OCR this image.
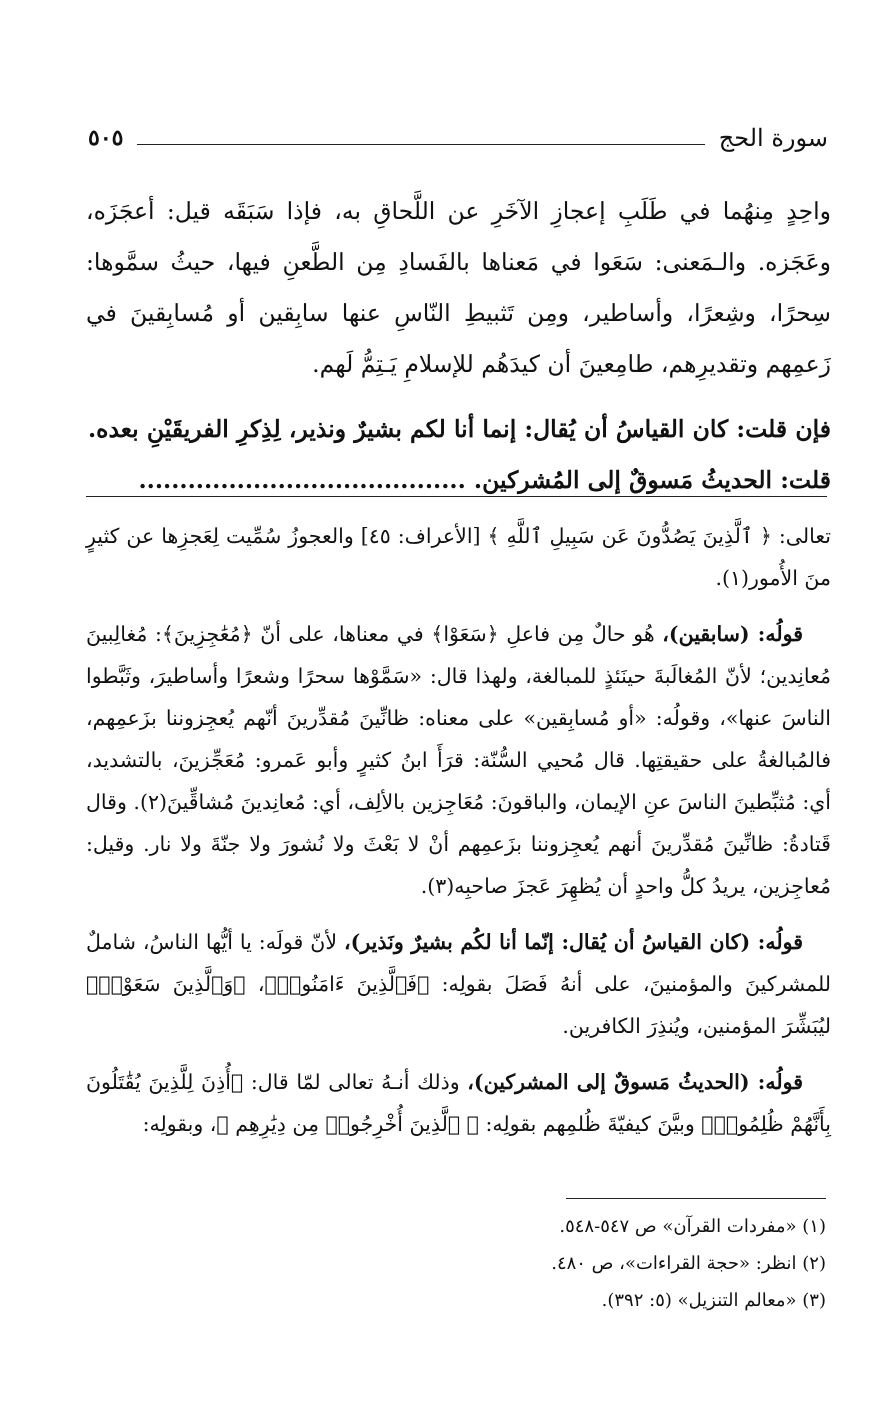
سورة الحج
٥٠٥

واحِدٍ مِنهُما في طَلَبِ إعجازِ الآخَرِ عن اللَّحاقِ به، فإذا سَبَقَه قيل: أعجَزَه، وعَجَزه. والـمَعنى: سَعَوا في مَعناها بالفَسادِ مِن الطَّعنِ فيها، حيثُ سمَّوها: سِحرًا، وشِعرًا، وأساطير، ومِن تَثبيطِ النّاسِ عنها سابِقين أو مُسابِقينَ في زَعمِهم وتقديرِهم، طامِعينَ أن كيدَهُم للإسلامِ يَـتِمُّ لَهم.

فإن قلت: كان القياسُ أن يُقال: إنما أنا لكم بشيرٌ ونذير، لِذِكرِ الفريقَيْنِ بعده.

قلت: الحديثُ مَسوقٌ إلى المُشركين. ........................................

تعالى: ﴿ ٱلَّذِينَ يَصُدُّونَ عَن سَبِيلِ ٱللَّهِ ﴾ [الأعراف: ٤٥] والعجوزُ سُمِّيت لِعَجزِها عن كثيرٍ منَ الأُمور(١).

قولُه: (سابقين)، هُو حالٌ مِن فاعلِ ﴿سَعَوْا﴾ في معناها، على أنّ ﴿مُعَٰجِزِينَ﴾: مُغالِبينَ مُعانِدين؛ لأنّ المُغالَبةَ حينَئذٍ للمبالغة، ولهذا قال: «سَمَّوْها سحرًا وشعرًا وأساطيرَ، وثَبَّطوا الناسَ عنها»، وقولُه: «أو مُسابِقين» على معناه: ظانِّينَ مُقدِّرينَ أنّهم يُعجِزوننا بزَعمِهم، فالمُبالغةُ على حقيقتِها. قال مُحيي السُّنّة: قرَأَ ابنُ كثيرٍ وأبو عَمرو: مُعَجِّزينَ، بالتشديد، أي: مُثبِّطينَ الناسَ عنِ الإيمان، والباقونَ: مُعَاجِزين بالألِف، أي: مُعانِدينَ مُشاقِّينَ(٢). وقال قَتادةُ: ظانِّينَ مُقدِّرينَ أنهم يُعجِزوننا بزَعمِهم أنْ لا بَعْثَ ولا نُشورَ ولا جنّةَ ولا نار. وقيل: مُعاجِزين، يريدُ كلُّ واحدٍ أن يُظهِرَ عَجزَ صاحبِه(٣).

قولُه: (كان القياسُ أن يُقال: إنّما أنا لكُم بشيرٌ ونَذير)، لأنّ قولَه: يا أيُّها الناسُ، شاملٌ للمشركينَ والمؤمنينَ، على أنهُ فَصَلَ بقولِه: ﴿فَٱلَّذِينَ ءَامَنُوا۟﴾، ﴿وَٱلَّذِينَ سَعَوْا۟﴾ ليُبَشِّرَ المؤمنين، ويُنذِرَ الكافرين.

قولُه: (الحديثُ مَسوقٌ إلى المشركين)، وذلك أنـهُ تعالى لمّا قال: ﴿أُذِنَ لِلَّذِينَ يُقَٰتَلُونَ بِأَنَّهُمْ ظُلِمُوا۟﴾ وبيَّنَ كيفيّةَ ظُلمِهم بقولِه: ﴿ ٱلَّذِينَ أُخْرِجُوا۟ مِن دِيَٰرِهِم ﴾، وبقولِه:

(١) «مفردات القرآن» ص ٥٤٧-٥٤٨.

(٢) انظر: «حجة القراءات»، ص ٤٨٠.

(٣) «معالم التنزيل» (٥: ٣٩٢).
